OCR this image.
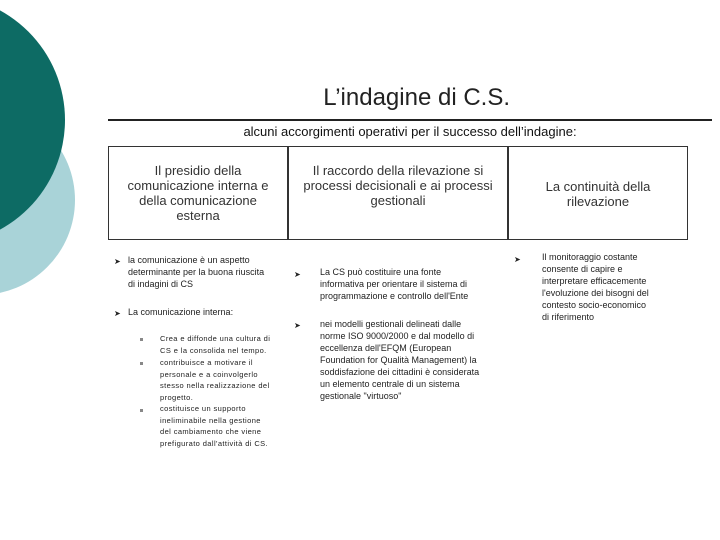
L’indagine di C.S.
alcuni accorgimenti operativi per il successo dell’indagine:
Il presidio della
comunicazione interna e
della comunicazione
esterna
Il raccordo della rilevazione si
processi decisionali e ai processi
gestionali
La continuità della
rilevazione
➤ la comunicazione è un aspetto
determinante per la buona riuscita
di indagini di CS
➤ La comunicazione interna:
Crea e diffonde una cultura di
CS e la consolida nel tempo.
contribuisce a motivare il
personale e a coinvolgerlo
stesso nella realizzazione del
progetto.
costituisce un supporto
ineliminabile nella gestione
del cambiamento che viene
prefigurato dall'attività di CS.
➤ La CS può costituire una fonte
informativa per orientare il sistema di
programmazione e controllo dell'Ente
➤ nei modelli gestionali delineati dalle
norme ISO 9000/2000 e dal modello di
eccellenza dell'EFQM (European
Foundation for Qualità Management) la
soddisfazione dei cittadini è considerata
un elemento centrale di un sistema
gestionale "virtuoso"
➤ Il monitoraggio costante
consente di capire e
interpretare efficacemente
l'evoluzione dei bisogni del
contesto socio-economico
di riferimento
